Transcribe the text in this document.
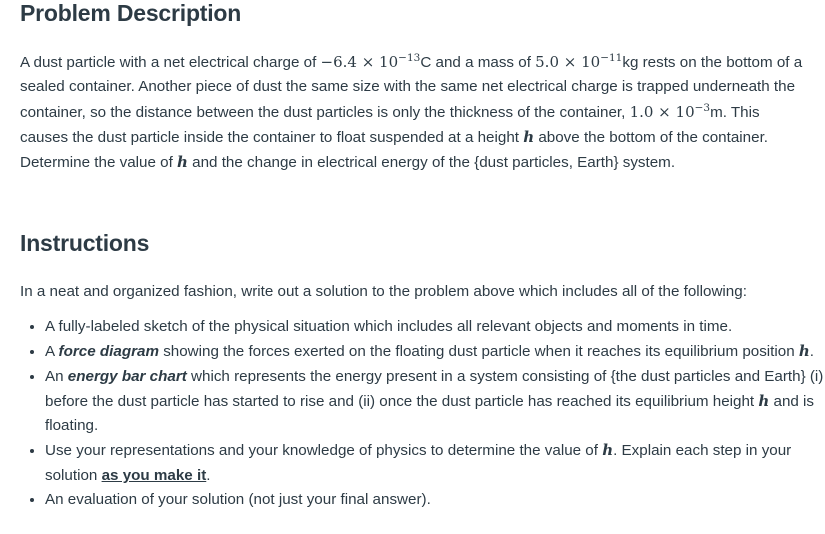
Problem Description

A dust particle with a net electrical charge of $-6.4 \times 10^{-13}C$ and a mass of $5.0 \times 10^{-11}kg$ rests on the bottom of a sealed container. Another piece of dust the same size with the same net electrical charge is trapped underneath the container, so the distance between the dust particles is only the thickness of the container, $1.0 \times 10^{-3}m$. This causes the dust particle inside the container to float suspended at a height h above the bottom of the container. Determine the value of h and the change in electrical energy of the {dust particles, Earth} system.

Instructions

In a neat and organized fashion, write out a solution to the problem above which includes all of the following:

• A fully-labeled sketch of the physical situation which includes all relevant objects and moments in time.
• A force diagram showing the forces exerted on the floating dust particle when it reaches its equilibrium position h.
• An energy bar chart which represents the energy present in a system consisting of {the dust particles and Earth} (i) before the dust particle has started to rise and (ii) once the dust particle has reached its equilibrium height h and is floating.
• Use your representations and your knowledge of physics to determine the value of h. Explain each step in your solution as you make it.
• An evaluation of your solution (not just your final answer).
